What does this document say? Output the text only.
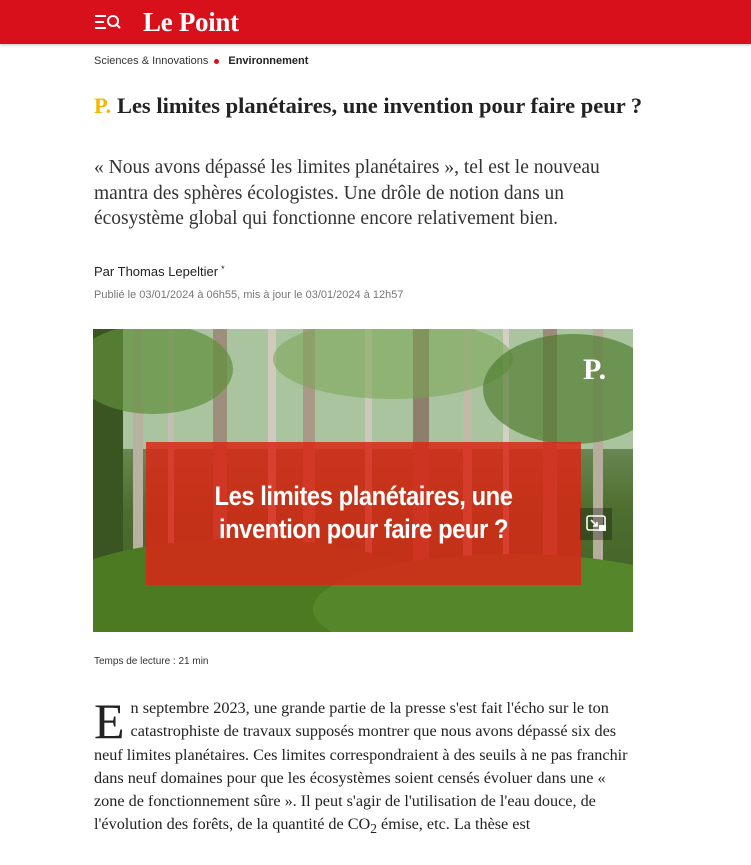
Le Point
Sciences & Innovations Environnement
P. Les limites planétaires, une invention pour faire peur ?

« Nous avons dépassé les limites planétaires », tel est le nouveau mantra des sphères écologistes. Une drôle de notion dans un écosystème global qui fonctionne encore relativement bien.

Par Thomas Lepeltier *
Publié le 03/01/2024 à 06h55, mis à jour le 03/01/2024 à 12h57
Les limites planétaires, une
invention pour faire peur ?
P.
Temps de lecture : 21 min

En septembre 2023, une grande partie de la presse s'est fait l'écho sur le ton catastrophiste de travaux supposés montrer que nous avons dépassé six des neuf limites planétaires. Ces limites correspondraient à des seuils à ne pas franchir dans neuf domaines pour que les écosystèmes soient censés évoluer dans une « zone de fonctionnement sûre ». Il peut s'agir de l'utilisation de l'eau douce, de l'évolution des forêts, de la quantité de $CO_2$ émise, etc. La thèse est
